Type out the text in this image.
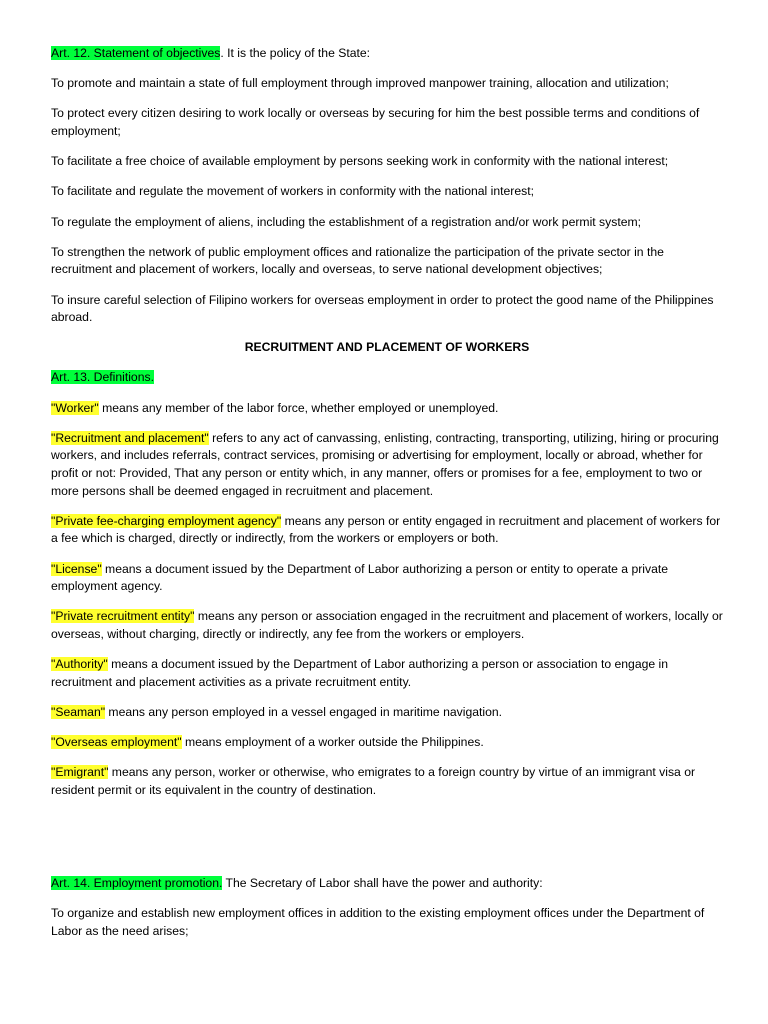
Art. 12. Statement of objectives. It is the policy of the State:

To promote and maintain a state of full employment through improved manpower training, allocation and utilization;

To protect every citizen desiring to work locally or overseas by securing for him the best possible terms and conditions of employment;

To facilitate a free choice of available employment by persons seeking work in conformity with the national interest;

To facilitate and regulate the movement of workers in conformity with the national interest;

To regulate the employment of aliens, including the establishment of a registration and/or work permit system;

To strengthen the network of public employment offices and rationalize the participation of the private sector in the recruitment and placement of workers, locally and overseas, to serve national development objectives;

To insure careful selection of Filipino workers for overseas employment in order to protect the good name of the Philippines abroad.

RECRUITMENT AND PLACEMENT OF WORKERS

Art. 13. Definitions.

"Worker" means any member of the labor force, whether employed or unemployed.

"Recruitment and placement" refers to any act of canvassing, enlisting, contracting, transporting, utilizing, hiring or procuring workers, and includes referrals, contract services, promising or advertising for employment, locally or abroad, whether for profit or not: Provided, That any person or entity which, in any manner, offers or promises for a fee, employment to two or more persons shall be deemed engaged in recruitment and placement.

"Private fee-charging employment agency" means any person or entity engaged in recruitment and placement of workers for a fee which is charged, directly or indirectly, from the workers or employers or both.

"License" means a document issued by the Department of Labor authorizing a person or entity to operate a private employment agency.

"Private recruitment entity" means any person or association engaged in the recruitment and placement of workers, locally or overseas, without charging, directly or indirectly, any fee from the workers or employers.

"Authority" means a document issued by the Department of Labor authorizing a person or association to engage in recruitment and placement activities as a private recruitment entity.

"Seaman" means any person employed in a vessel engaged in maritime navigation.

"Overseas employment" means employment of a worker outside the Philippines.

"Emigrant" means any person, worker or otherwise, who emigrates to a foreign country by virtue of an immigrant visa or resident permit or its equivalent in the country of destination.

Art. 14. Employment promotion. The Secretary of Labor shall have the power and authority:

To organize and establish new employment offices in addition to the existing employment offices under the Department of Labor as the need arises;
